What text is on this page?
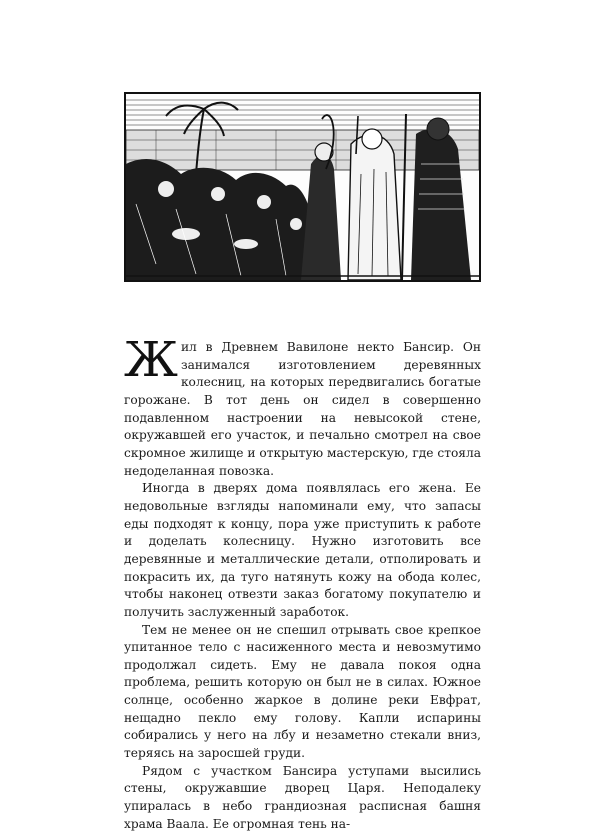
Жил в Древнем Вавилоне некто Бансир. Он занимался изготовлением деревянных колесниц, на которых передвигались богатые горожане. В тот день он сидел в совершенно подавленном настроении на невысокой стене, окружавшей его участок, и печально смотрел на свое скромное жилище и открытую мастерскую, где стояла недоделанная повозка.

Иногда в дверях дома появлялась его жена. Ее недовольные взгляды напоминали ему, что запасы еды подходят к концу, пора уже приступить к работе и доделать колесницу. Нужно изготовить все деревянные и металлические детали, отполировать и покрасить их, да туго натянуть кожу на обода колес, чтобы наконец отвезти заказ богатому покупателю и получить заслуженный заработок.

Тем не менее он не спешил отрывать свое крепкое упитанное тело с насиженного места и невозмутимо продолжал сидеть. Ему не давала покоя одна проблема, решить которую он был не в силах. Южное солнце, особенно жаркое в долине реки Евфрат, нещадно пекло ему голову. Капли испарины собирались у него на лбу и незаметно стекали вниз, теряясь на заросшей груди.

Рядом с участком Бансира уступами высились стены, окружавшие дворец Царя. Неподалеку упиралась в небо грандиозная расписная башня храма Ваала. Ее огромная тень на-
